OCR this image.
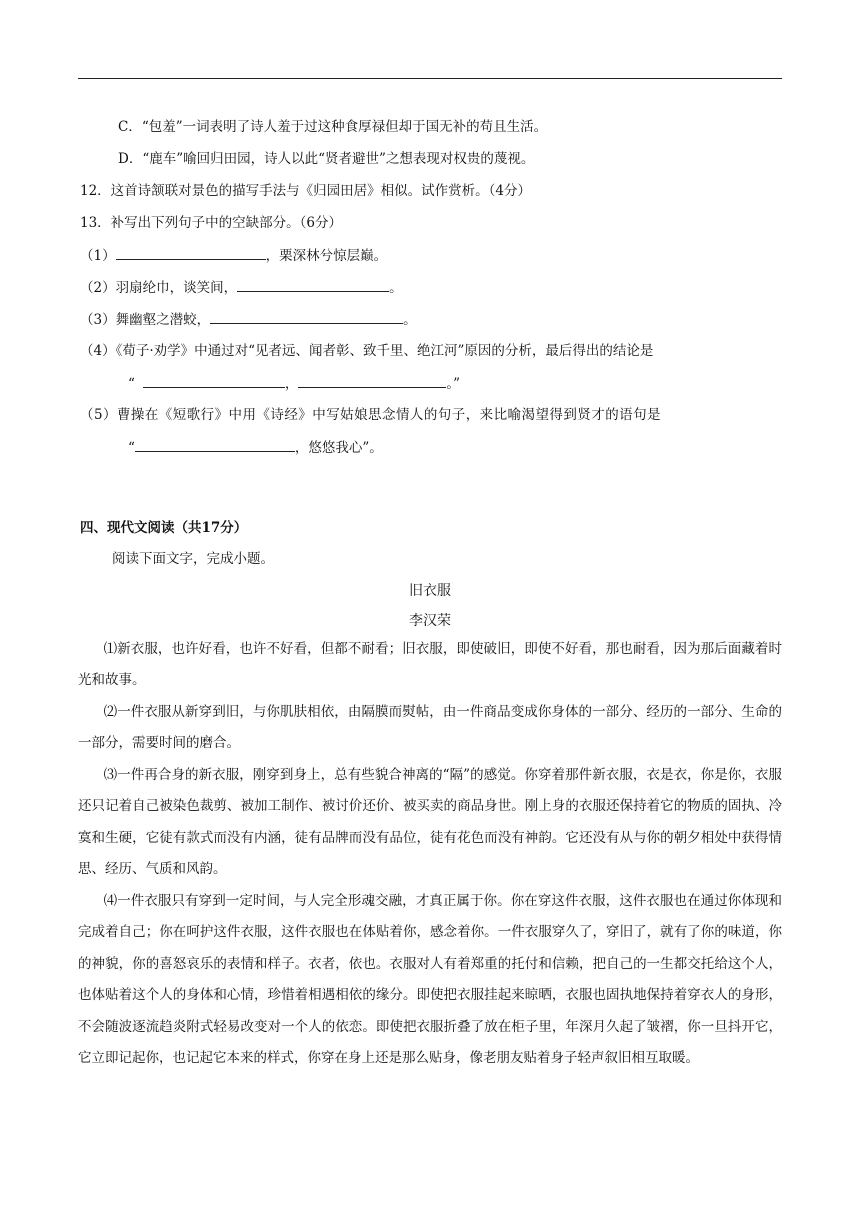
C．“包羞”一词表明了诗人羞于过这种食厚禄但却于国无补的苟且生活。
D．“鹿车”喻回归田园，诗人以此“贤者避世”之想表现对权贵的蔑视。
12．这首诗颔联对景色的描写手法与《归园田居》相似。试作赏析。（4分）
13．补写出下列句子中的空缺部分。（6分）
（1）	，栗深林兮惊层巅。
（2）羽扇纶巾，谈笑间，	。
（3）舞幽壑之潜蛟，	。
（4）《荀子·劝学》中通过对“见者远、闻者彰、致千里、绝江河”原因的分析，最后得出的结论是
“	，	。”
（5）曹操在《短歌行》中用《诗经》中写姑娘思念情人的句子，来比喻渴望得到贤才的语句是
“	，悠悠我心”。
四、现代文阅读（共17分）
阅读下面文字，完成小题。
旧衣服
李汉荣
⑴新衣服，也许好看，也许不好看，但都不耐看；旧衣服，即使破旧，即使不好看，那也耐看，因为那后面藏着时光和故事。
⑵一件衣服从新穿到旧，与你肌肤相依，由隔膜而熨帖，由一件商品变成你身体的一部分、经历的一部分、生命的一部分，需要时间的磨合。
⑶一件再合身的新衣服，刚穿到身上，总有些貌合神离的“隔”的感觉。你穿着那件新衣服，衣是衣，你是你，衣服还只记着自己被染色裁剪、被加工制作、被讨价还价、被买卖的商品身世。刚上身的衣服还保持着它的物质的固执、冷寞和生硬，它徒有款式而没有内涵，徒有品牌而没有品位，徒有花色而没有神韵。它还没有从与你的朝夕相处中获得情思、经历、气质和风韵。
⑷一件衣服只有穿到一定时间，与人完全形魂交融，才真正属于你。你在穿这件衣服，这件衣服也在通过你体现和完成着自己；你在呵护这件衣服，这件衣服也在体贴着你，感念着你。一件衣服穿久了，穿旧了，就有了你的味道，你的神貌，你的喜怒哀乐的表情和样子。衣者，依也。衣服对人有着郑重的托付和信赖，把自己的一生都交托给这个人，也体贴着这个人的身体和心情，珍惜着相遇相依的缘分。即使把衣服挂起来晾晒，衣服也固执地保持着穿衣人的身形，不会随波逐流趋炎附式轻易改变对一个人的依恋。即使把衣服折叠了放在柜子里，年深月久起了皱褶，你一旦抖开它，它立即记起你，也记起它本来的样式，你穿在身上还是那么贴身，像老朋友贴着身子轻声叙旧相互取暖。
